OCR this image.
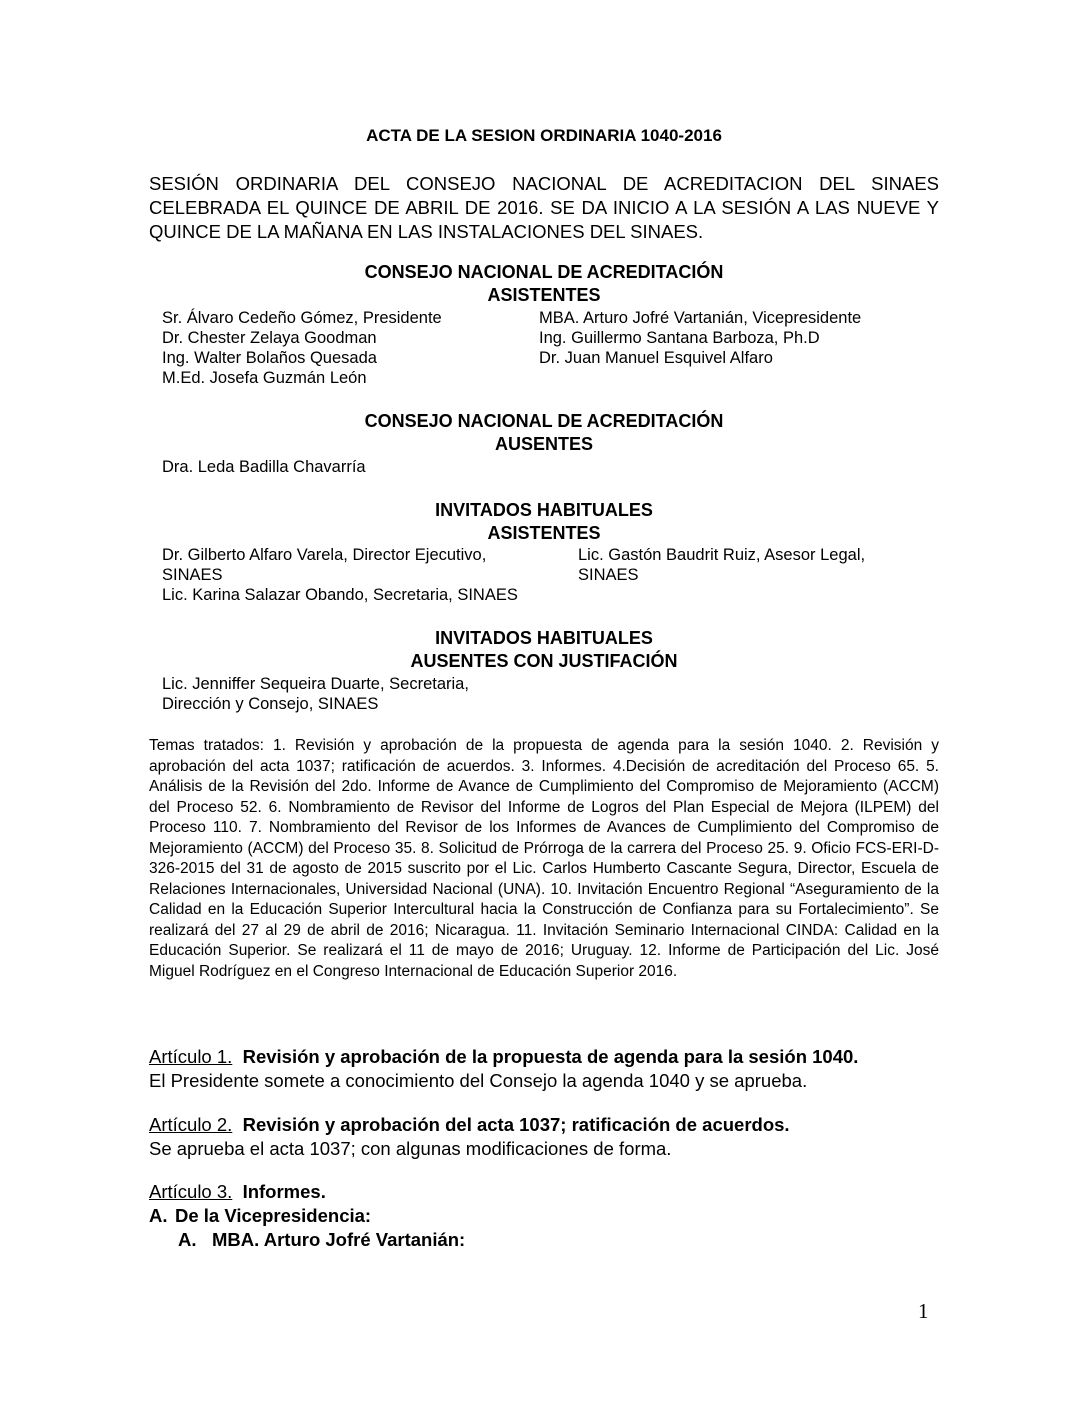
ACTA DE LA SESION ORDINARIA 1040-2016
SESIÓN ORDINARIA DEL CONSEJO NACIONAL DE ACREDITACION DEL SINAES CELEBRADA EL QUINCE DE ABRIL DE 2016. SE DA INICIO A LA SESIÓN A LAS NUEVE Y QUINCE DE LA MAÑANA EN LAS INSTALACIONES DEL SINAES.
CONSEJO NACIONAL DE ACREDITACIÓN
ASISTENTES
Sr. Álvaro Cedeño Gómez, Presidente
Dr. Chester Zelaya Goodman
Ing. Walter Bolaños Quesada
M.Ed. Josefa Guzmán León
MBA. Arturo Jofré Vartanián, Vicepresidente
Ing. Guillermo Santana Barboza, Ph.D
Dr. Juan Manuel Esquivel Alfaro
CONSEJO NACIONAL DE ACREDITACIÓN
AUSENTES
Dra. Leda Badilla Chavarría
INVITADOS HABITUALES
ASISTENTES
Dr. Gilberto Alfaro Varela, Director Ejecutivo,
SINAES
Lic. Karina Salazar Obando, Secretaria, SINAES
Lic. Gastón Baudrit Ruiz, Asesor Legal,
SINAES
INVITADOS HABITUALES
AUSENTES CON JUSTIFACIÓN
Lic. Jenniffer Sequeira Duarte, Secretaria,
Dirección y Consejo, SINAES
Temas tratados: 1. Revisión y aprobación de la propuesta de agenda para la sesión 1040. 2. Revisión y aprobación del acta 1037; ratificación de acuerdos. 3. Informes. 4.Decisión de acreditación del Proceso 65. 5. Análisis de la Revisión del 2do. Informe de Avance de Cumplimiento del Compromiso de Mejoramiento (ACCM) del Proceso 52. 6. Nombramiento de Revisor del Informe de Logros del Plan Especial de Mejora (ILPEM) del Proceso 110. 7. Nombramiento del Revisor de los Informes de Avances de Cumplimiento del Compromiso de Mejoramiento (ACCM) del Proceso 35. 8. Solicitud de Prórroga de la carrera del Proceso 25. 9. Oficio FCS-ERI-D-326-2015 del 31 de agosto de 2015 suscrito por el Lic. Carlos Humberto Cascante Segura, Director, Escuela de Relaciones Internacionales, Universidad Nacional (UNA). 10. Invitación Encuentro Regional “Aseguramiento de la Calidad en la Educación Superior Intercultural hacia la Construcción de Confianza para su Fortalecimiento”. Se realizará del 27 al 29 de abril de 2016; Nicaragua. 11. Invitación Seminario Internacional CINDA: Calidad en la Educación Superior. Se realizará el 11 de mayo de 2016; Uruguay. 12. Informe de Participación del Lic. José Miguel Rodríguez en el Congreso Internacional de Educación Superior 2016.
Artículo 1. Revisión y aprobación de la propuesta de agenda para la sesión 1040.
El Presidente somete a conocimiento del Consejo la agenda 1040 y se aprueba.
Artículo 2. Revisión y aprobación del acta 1037; ratificación de acuerdos.
Se aprueba el acta 1037; con algunas modificaciones de forma.
Artículo 3. Informes.
A. De la Vicepresidencia:
A. MBA. Arturo Jofré Vartanián:
1
